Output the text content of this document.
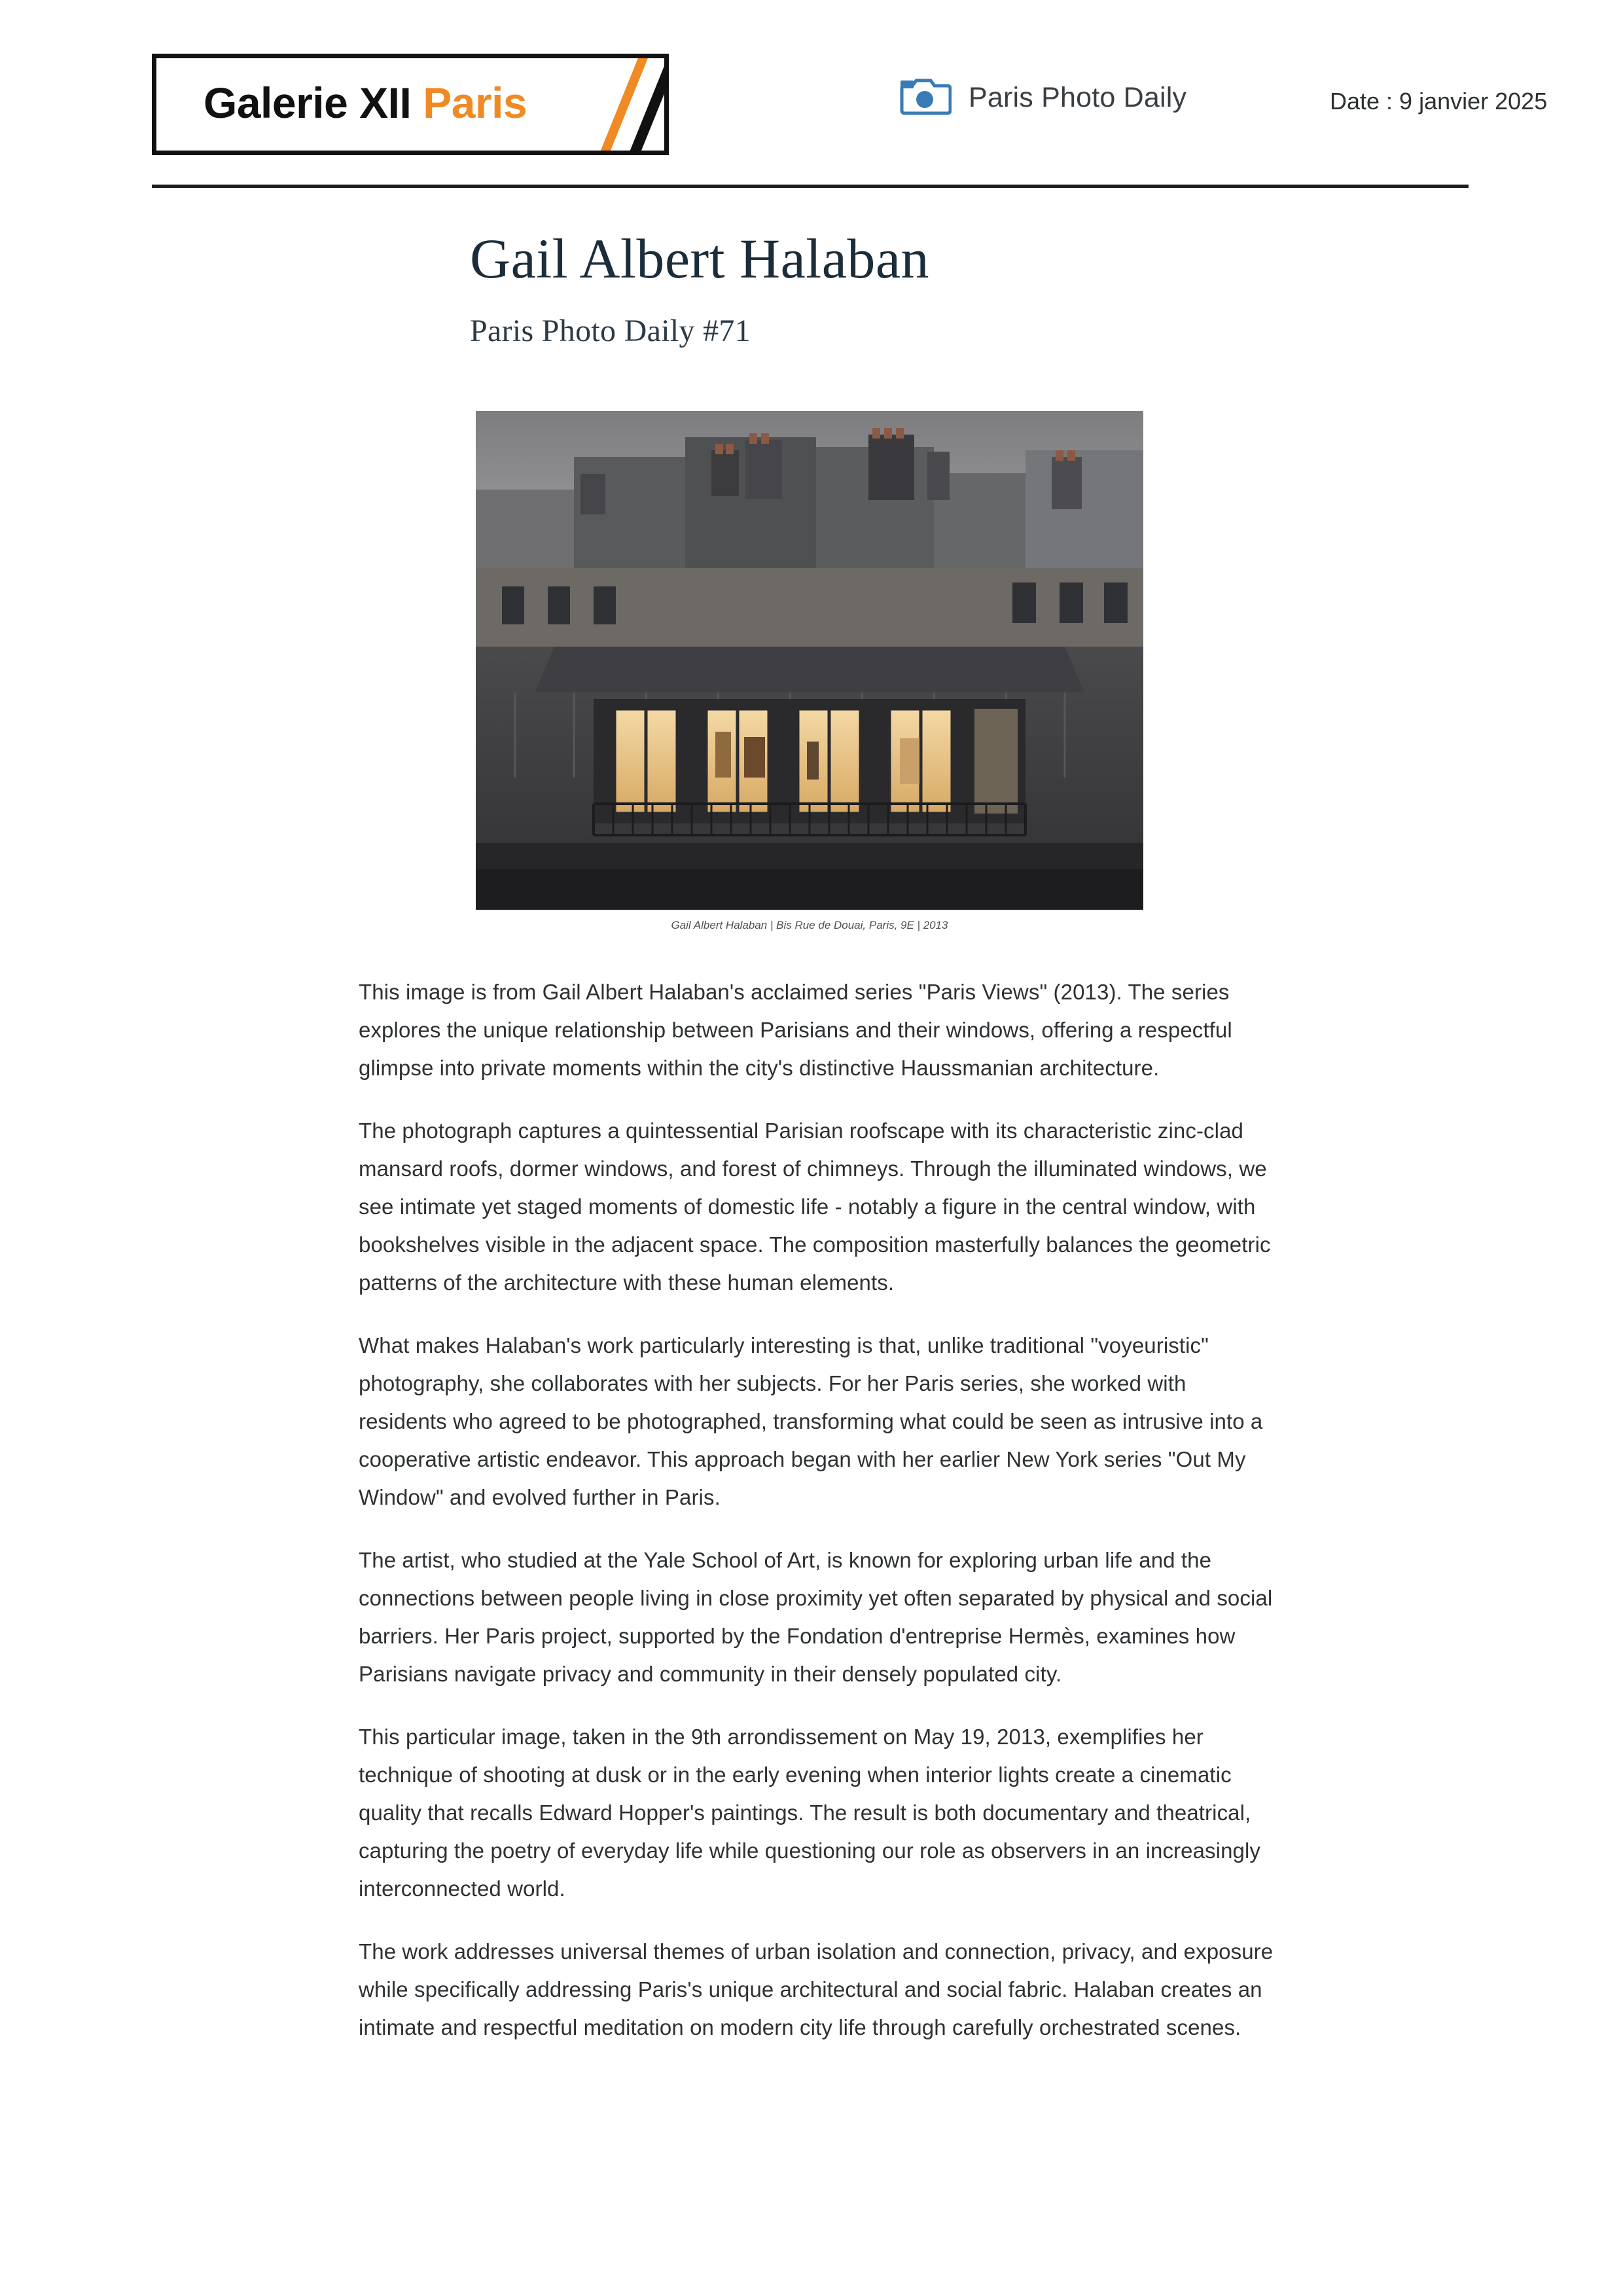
Galerie XII Paris	Paris Photo Daily	Date : 9 janvier 2025
Gail Albert Halaban
Paris Photo Daily #71
Gail Albert Halaban | Bis Rue de Douai, Paris, 9E | 2013

This image is from Gail Albert Halaban's acclaimed series "Paris Views" (2013). The series explores the unique relationship between Parisians and their windows, offering a respectful glimpse into private moments within the city's distinctive Haussmanian architecture.

The photograph captures a quintessential Parisian roofscape with its characteristic zinc-clad mansard roofs, dormer windows, and forest of chimneys. Through the illuminated windows, we see intimate yet staged moments of domestic life - notably a figure in the central window, with bookshelves visible in the adjacent space. The composition masterfully balances the geometric patterns of the architecture with these human elements.

What makes Halaban's work particularly interesting is that, unlike traditional "voyeuristic" photography, she collaborates with her subjects. For her Paris series, she worked with residents who agreed to be photographed, transforming what could be seen as intrusive into a cooperative artistic endeavor. This approach began with her earlier New York series "Out My Window" and evolved further in Paris.

The artist, who studied at the Yale School of Art, is known for exploring urban life and the connections between people living in close proximity yet often separated by physical and social barriers. Her Paris project, supported by the Fondation d'entreprise Hermès, examines how Parisians navigate privacy and community in their densely populated city.

This particular image, taken in the 9th arrondissement on May 19, 2013, exemplifies her technique of shooting at dusk or in the early evening when interior lights create a cinematic quality that recalls Edward Hopper's paintings. The result is both documentary and theatrical, capturing the poetry of everyday life while questioning our role as observers in an increasingly interconnected world.

The work addresses universal themes of urban isolation and connection, privacy, and exposure while specifically addressing Paris's unique architectural and social fabric. Halaban creates an intimate and respectful meditation on modern city life through carefully orchestrated scenes.
